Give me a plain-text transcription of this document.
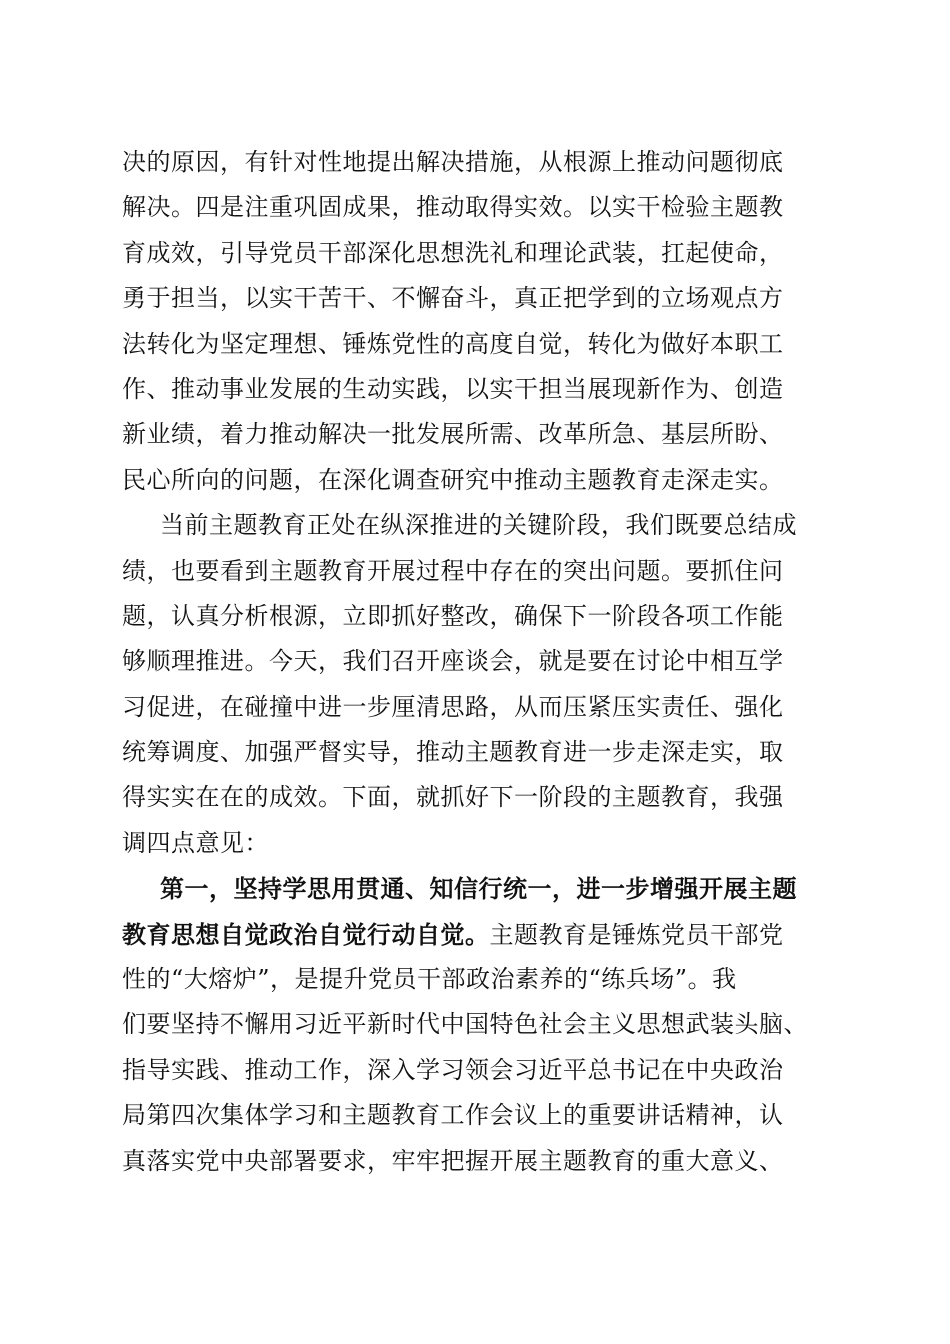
决的原因，有针对性地提出解决措施，从根源上推动问题彻底
解决。四是注重巩固成果，推动取得实效。以实干检验主题教
育成效，引导党员干部深化思想洗礼和理论武装，扛起使命，
勇于担当，以实干苦干、不懈奋斗，真正把学到的立场观点方
法转化为坚定理想、锤炼党性的高度自觉，转化为做好本职工
作、推动事业发展的生动实践，以实干担当展现新作为、创造
新业绩，着力推动解决一批发展所需、改革所急、基层所盼、
民心所向的问题，在深化调查研究中推动主题教育走深走实。
当前主题教育正处在纵深推进的关键阶段，我们既要总结成
绩，也要看到主题教育开展过程中存在的突出问题。要抓住问
题，认真分析根源，立即抓好整改，确保下一阶段各项工作能
够顺理推进。今天，我们召开座谈会，就是要在讨论中相互学
习促进，在碰撞中进一步厘清思路，从而压紧压实责任、强化
统筹调度、加强严督实导，推动主题教育进一步走深走实，取
得实实在在的成效。下面，就抓好下一阶段的主题教育，我强
调四点意见：
第一，坚持学思用贯通、知信行统一，进一步增强开展主题
教育思想自觉政治自觉行动自觉。主题教育是锤炼党员干部党
性的“大熔炉”，是提升党员干部政治素养的“练兵场”。我
们要坚持不懈用习近平新时代中国特色社会主义思想武装头脑、
指导实践、推动工作，深入学习领会习近平总书记在中央政治
局第四次集体学习和主题教育工作会议上的重要讲话精神，认
真落实党中央部署要求，牢牢把握开展主题教育的重大意义、
